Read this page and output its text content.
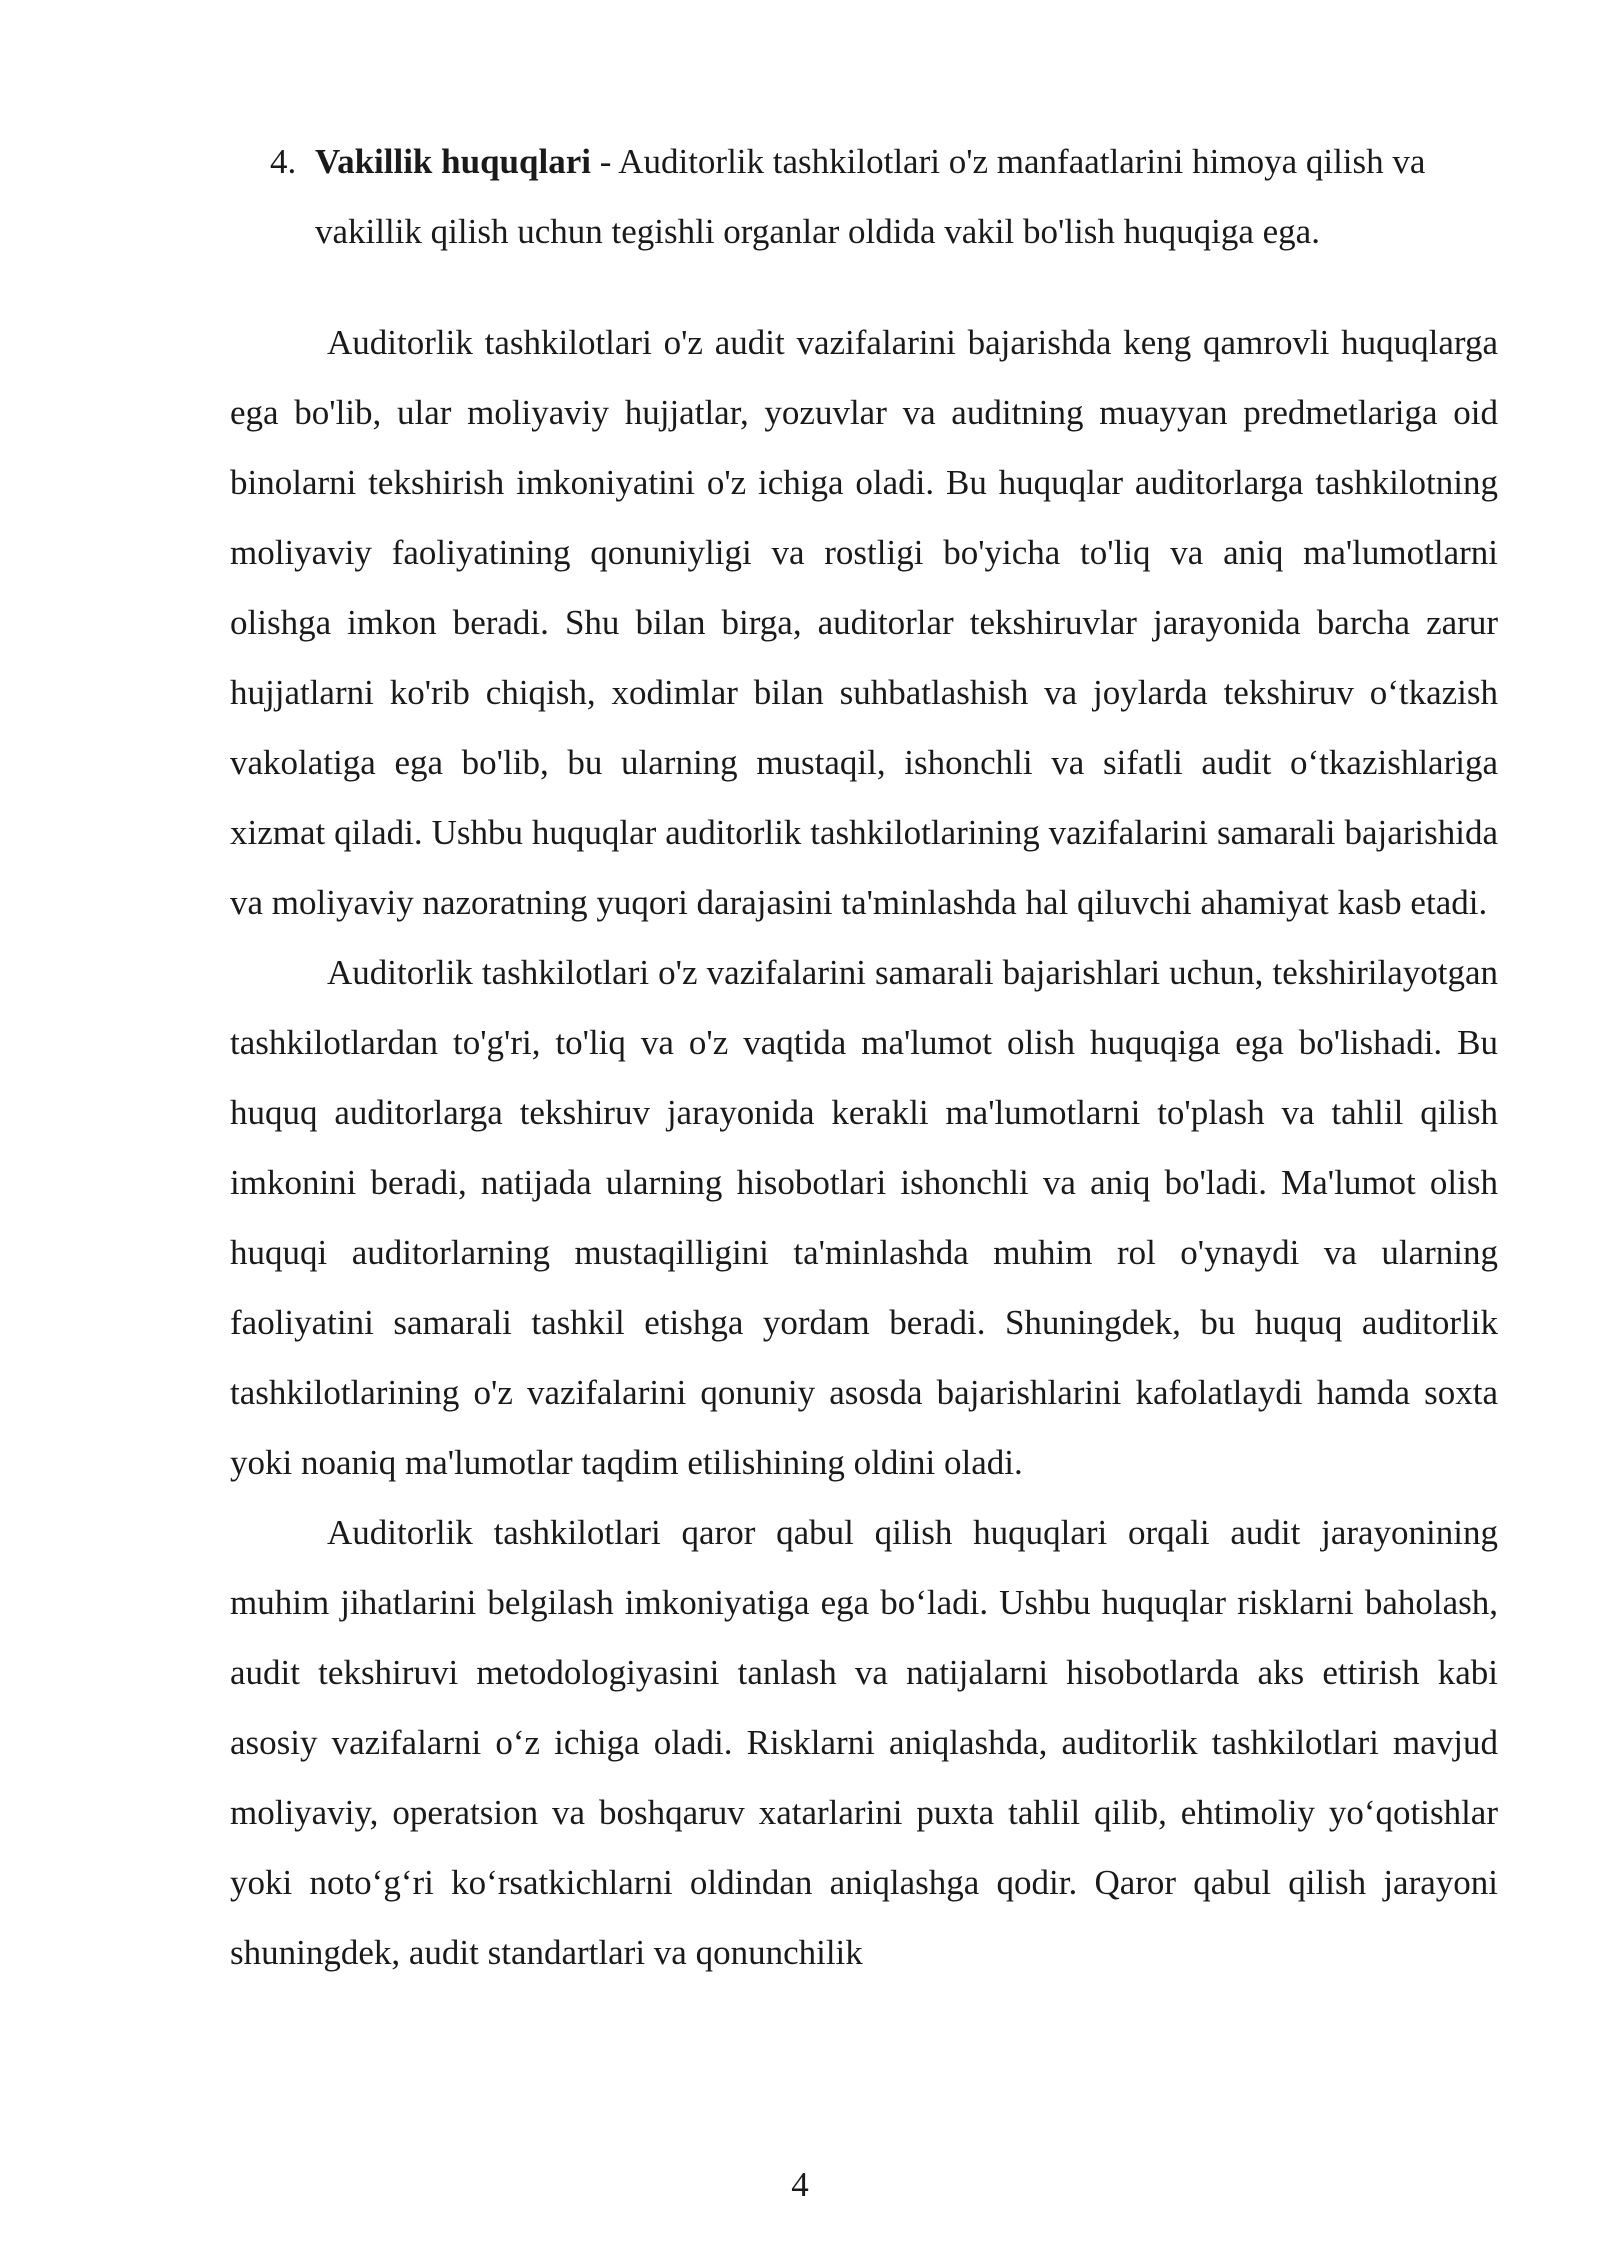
4. Vakillik huquqlari - Auditorlik tashkilotlari o'z manfaatlarini himoya qilish va vakillik qilish uchun tegishli organlar oldida vakil bo'lish huquqiga ega.

Auditorlik tashkilotlari o'z audit vazifalarini bajarishda keng qamrovli huquqlarga ega bo'lib, ular moliyaviy hujjatlar, yozuvlar va auditning muayyan predmetlariga oid binolarni tekshirish imkoniyatini o'z ichiga oladi. Bu huquqlar auditorlarga tashkilotning moliyaviy faoliyatining qonuniyligi va rostligi bo'yicha to'liq va aniq ma'lumotlarni olishga imkon beradi. Shu bilan birga, auditorlar tekshiruvlar jarayonida barcha zarur hujjatlarni ko'rib chiqish, xodimlar bilan suhbatlashish va joylarda tekshiruv o‘tkazish vakolatiga ega bo'lib, bu ularning mustaqil, ishonchli va sifatli audit o‘tkazishlariga xizmat qiladi. Ushbu huquqlar auditorlik tashkilotlarining vazifalarini samarali bajarishida va moliyaviy nazoratning yuqori darajasini ta'minlashda hal qiluvchi ahamiyat kasb etadi.

Auditorlik tashkilotlari o'z vazifalarini samarali bajarishlari uchun, tekshirilayotgan tashkilotlardan to'g'ri, to'liq va o'z vaqtida ma'lumot olish huquqiga ega bo'lishadi. Bu huquq auditorlarga tekshiruv jarayonida kerakli ma'lumotlarni to'plash va tahlil qilish imkonini beradi, natijada ularning hisobotlari ishonchli va aniq bo'ladi. Ma'lumot olish huquqi auditorlarning mustaqilligini ta'minlashda muhim rol o'ynaydi va ularning faoliyatini samarali tashkil etishga yordam beradi. Shuningdek, bu huquq auditorlik tashkilotlarining o'z vazifalarini qonuniy asosda bajarishlarini kafolatlaydi hamda soxta yoki noaniq ma'lumotlar taqdim etilishining oldini oladi.

Auditorlik tashkilotlari qaror qabul qilish huquqlari orqali audit jarayonining muhim jihatlarini belgilash imkoniyatiga ega bo‘ladi. Ushbu huquqlar risklarni baholash, audit tekshiruvi metodologiyasini tanlash va natijalarni hisobotlarda aks ettirish kabi asosiy vazifalarni o‘z ichiga oladi. Risklarni aniqlashda, auditorlik tashkilotlari mavjud moliyaviy, operatsion va boshqaruv xatarlarini puxta tahlil qilib, ehtimoliy yo‘qotishlar yoki noto‘g‘ri ko‘rsatkichlarni oldindan aniqlashga qodir. Qaror qabul qilish jarayoni shuningdek, audit standartlari va qonunchilik

4
